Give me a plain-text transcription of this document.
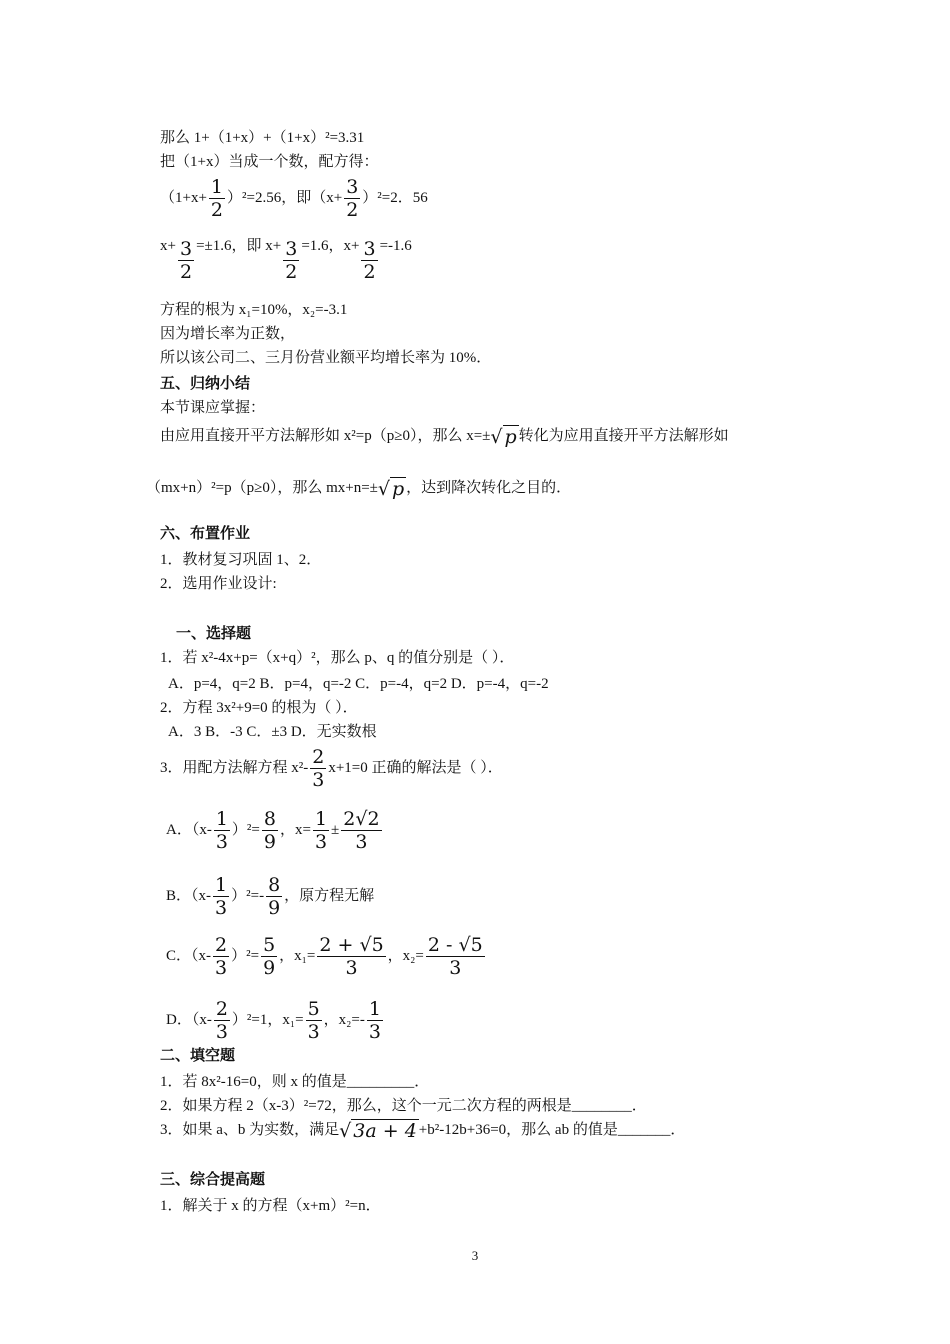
那么 1+（1+x）+（1+x）²=3.31
把（1+x）当成一个数，配方得：
$(1+x+ \frac{1}{2} )^2=2.56$，即$(x+ \frac{3}{2} )^2=2$．56
$x+ \frac{3}{2} =\pm 1.6$，即 $x+ \frac{3}{2} =1.6$，$x+ \frac{3}{2} =-1.6$
方程的根为 x₁=10%，x₂=-3.1
因为增长率为正数，
所以该公司二、三月份营业额平均增长率为 10%．
五、归纳小结
本节课应掌握：
由应用直接开平方法解形如 x²=p（p≥0），那么 x=±√ p 转化为应用直接开平方法解形如
（mx+n）²=p（p≥0），那么 mx+n=±√ p ，达到降次转化之目的．
六、布置作业
1．教材复习巩固 1、2．
2．选用作业设计:
一、选择题
1．若 x²-4x+p=（x+q）²，那么 p、q 的值分别是（ ）．
A．p=4，q=2 B．p=4，q=-2 C．p=-4，q=2 D．p=-4，q=-2
2．方程 3x²+9=0 的根为（ ）．
A．3 B．-3 C．±3 D．无实数根
3．用配方法解方程 $x^2- \frac{2}{3} x+1=0$ 正确的解法是（ ）．
A．$(x- \frac{1}{3} )^2= \frac{8}{9}$ ，$x= \frac{1}{3} \pm \frac{2√2}{3}$
B．$(x- \frac{1}{3} )^2=- \frac{8}{9}$ ，原方程无解
C．$(x- \frac{2}{3} )^2= \frac{5}{9}$ ，$x_1= \frac{2 + √5}{3}$ ，$x_2= \frac{2 - √5}{3}$
D．$(x- \frac{2}{3} )^2=1$，$x_1= \frac{5}{3}$ ，$x_2=- \frac{1}{3}$
二、填空题
1．若 8x²-16=0，则 x 的值是_________．
2．如果方程 2（x-3）²=72，那么，这个一元二次方程的两根是________．
3．如果 a、b 为实数，满足√ 3a + 4 +b²-12b+36=0，那么 ab 的值是_______．
三、综合提高题
1．解关于 x 的方程（x+m）²=n．
3
